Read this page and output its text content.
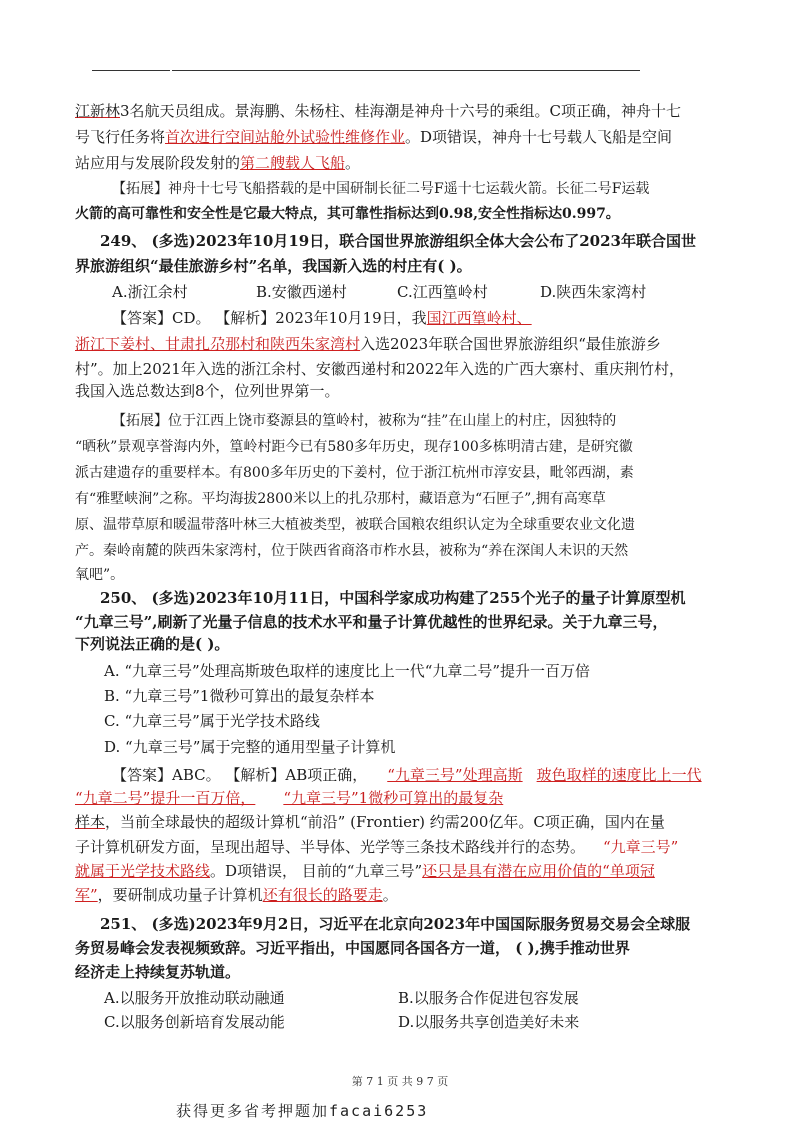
江新林3名航天员组成。景海鹏、朱杨柱、桂海潮是神舟十六号的乘组。C项正确，神舟十七
号飞行任务将首次进行空间站舱外试验性维修作业。D项错误，神舟十七号载人飞船是空间
站应用与发展阶段发射的第二艘载人飞船。
【拓展】神舟十七号飞船搭载的是中国研制长征二号F遥十七运载火箭。长征二号F运载
火箭的高可靠性和安全性是它最大特点，其可靠性指标达到0.98,安全性指标达0.997。
249、 (多选)2023年10月19日，联合国世界旅游组织全体大会公布了2023年联合国世
界旅游组织“最佳旅游乡村”名单，我国新入选的村庄有( )。
A.浙江余村	B.安徽西递村	C.江西篁岭村	D.陕西朱家湾村
【答案】CD。 【解析】2023年10月19日，我国江西篁岭村、
浙江下姜村、甘肃扎尕那村和陕西朱家湾村入选2023年联合国世界旅游组织“最佳旅游乡
村”。加上2021年入选的浙江余村、安徽西递村和2022年入选的广西大寨村、重庆荆竹村，
我国入选总数达到8个，位列世界第一。
【拓展】位于江西上饶市婺源县的篁岭村，被称为“挂”在山崖上的村庄，因独特的
“晒秋”景观享誉海内外，篁岭村距今已有580多年历史，现存100多栋明清古建，是研究徽
派古建遗存的重要样本。有800多年历史的下姜村，位于浙江杭州市淳安县，毗邻西湖，素
有“雅墅峡涧”之称。平均海拔2800米以上的扎尕那村，藏语意为“石匣子”,拥有高寒草
原、温带草原和暖温带落叶林三大植被类型，被联合国粮农组织认定为全球重要农业文化遗
产。秦岭南麓的陕西朱家湾村，位于陕西省商洛市柞水县，被称为“养在深闺人未识的天然
氧吧”。
250、 (多选)2023年10月11日，中国科学家成功构建了255个光子的量子计算原型机
“九章三号”,刷新了光量子信息的技术水平和量子计算优越性的世界纪录。关于九章三号，
下列说法正确的是( )。
A. “九章三号”处理高斯玻色取样的速度比上一代“九章二号”提升一百万倍
B. “九章三号”1微秒可算出的最复杂样本
C. “九章三号”属于光学技术路线
D. “九章三号”属于完整的通用型量子计算机
【答案】ABC。 【解析】AB项正确， “九章三号”处理高斯 玻色取样的速度比上一代
“九章二号”提升一百万倍， “九章三号”1微秒可算出的最复杂
样本，当前全球最快的超级计算机“前沿” (Frontier) 约需200亿年。C项正确，国内在量
子计算机研发方面，呈现出超导、半导体、光学等三条技术路线并行的态势。 “九章三号”
就属于光学技术路线。D项错误， 目前的“九章三号”还只是具有潜在应用价值的“单项冠
军”，要研制成功量子计算机还有很长的路要走。
251、 (多选)2023年9月2日，习近平在北京向2023年中国国际服务贸易交易会全球服
务贸易峰会发表视频致辞。习近平指出，中国愿同各国各方一道， ( ),携手推动世界
经济走上持续复苏轨道。
A.以服务开放推动联动融通	B.以服务合作促进包容发展
C.以服务创新培育发展动能	D.以服务共享创造美好未来
第 7 1 页 共 9 7 页
获得更多省考押题加facai6253
